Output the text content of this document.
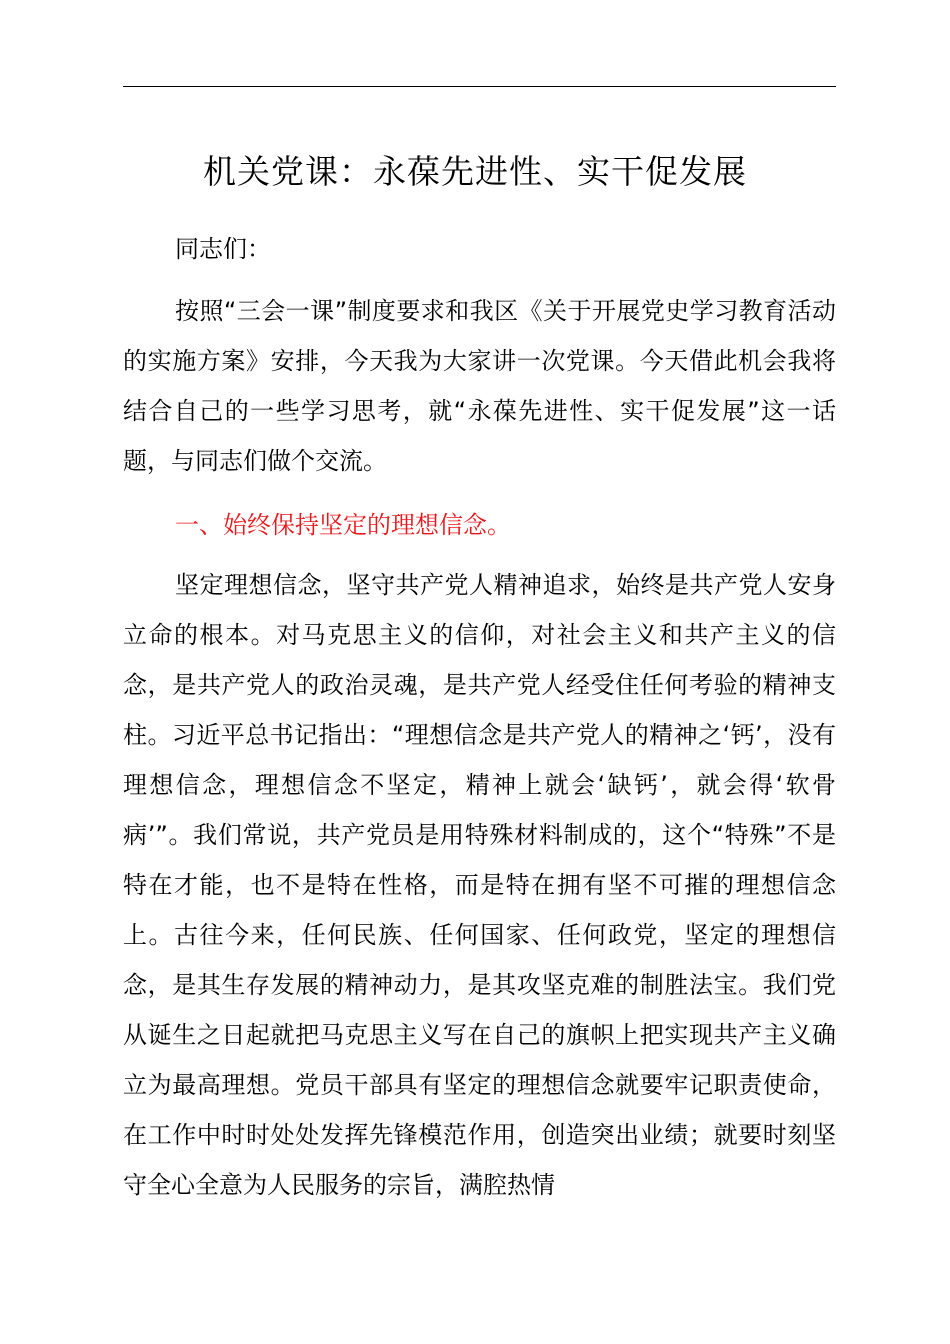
机关党课：永葆先进性、实干促发展

同志们：

按照“三会一课”制度要求和我区《关于开展党史学习教育活动的实施方案》安排，今天我为大家讲一次党课。今天借此机会我将结合自己的一些学习思考，就“永葆先进性、实干促发展”这一话题，与同志们做个交流。

一、始终保持坚定的理想信念。

坚定理想信念，坚守共产党人精神追求，始终是共产党人安身立命的根本。对马克思主义的信仰，对社会主义和共产主义的信念，是共产党人的政治灵魂，是共产党人经受住任何考验的精神支柱。习近平总书记指出：“理想信念是共产党人的精神之‘钙’，没有理想信念，理想信念不坚定，精神上就会‘缺钙’，就会得‘软骨病’”。我们常说，共产党员是用特殊材料制成的，这个“特殊”不是特在才能，也不是特在性格，而是特在拥有坚不可摧的理想信念上。古往今来，任何民族、任何国家、任何政党，坚定的理想信念，是其生存发展的精神动力，是其攻坚克难的制胜法宝。我们党从诞生之日起就把马克思主义写在自己的旗帜上把实现共产主义确立为最高理想。党员干部具有坚定的理想信念就要牢记职责使命，在工作中时时处处发挥先锋模范作用，创造突出业绩；就要时刻坚守全心全意为人民服务的宗旨，满腔热情
